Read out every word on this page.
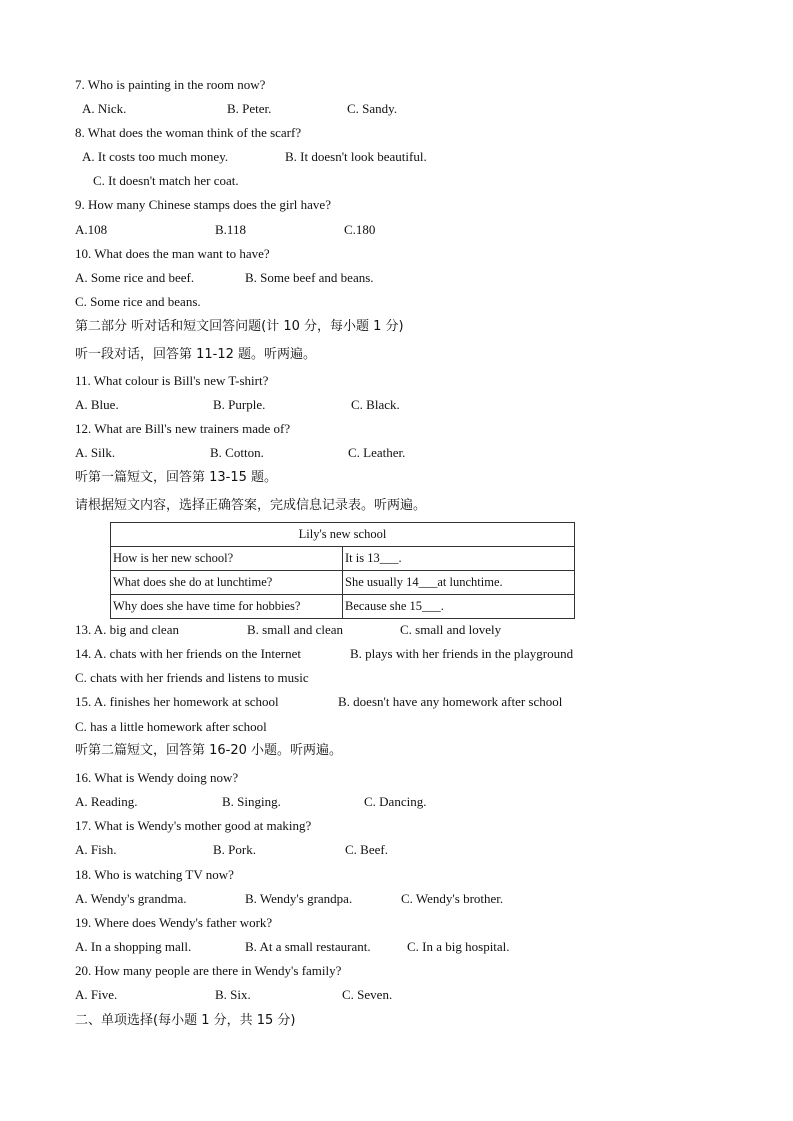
7. Who is painting in the room now?
A. Nick.	B. Peter.	C. Sandy.
8. What does the woman think of the scarf?
A. It costs too much money.	B. It doesn't look beautiful.
C. It doesn't match her coat.
9. How many Chinese stamps does the girl have?
A.108	B.118	C.180
10. What does the man want to have?
A. Some rice and beef.	B. Some beef and beans.
C. Some rice and beans.
第二部分 听对话和短文回答问题(计 10 分，每小题 1 分)
听一段对话，回答第 11-12 题。听两遍。
11. What colour is Bill's new T-shirt?
A. Blue.	B. Purple.	C. Black.
12. What are Bill's new trainers made of?
A. Silk.	B. Cotton.	C. Leather.
听第一篇短文，回答第 13-15 题。
请根据短文内容，选择正确答案，完成信息记录表。听两遍。
Lily's new school	
How is her new school?	It is 13___.
What does she do at lunchtime?	She usually 14___at lunchtime.
Why does she have time for hobbies?	Because she 15___.
13. A. big and clean	B. small and clean	C. small and lovely
14. A. chats with her friends on the Internet	B. plays with her friends in the playground
C. chats with her friends and listens to music
15. A. finishes her homework at school	B. doesn't have any homework after school
C. has a little homework after school
听第二篇短文，回答第 16-20 小题。听两遍。
16. What is Wendy doing now?
A. Reading.	B. Singing.	C. Dancing.
17. What is Wendy's mother good at making?
A. Fish.	B. Pork.	C. Beef.
18. Who is watching TV now?
A. Wendy's grandma.	B. Wendy's grandpa.	C. Wendy's brother.
19. Where does Wendy's father work?
A. In a shopping mall.	B. At a small restaurant.	C. In a big hospital.
20. How many people are there in Wendy's family?
A. Five.	B. Six.	C. Seven.
二、单项选择(每小题 1 分，共 15 分)
